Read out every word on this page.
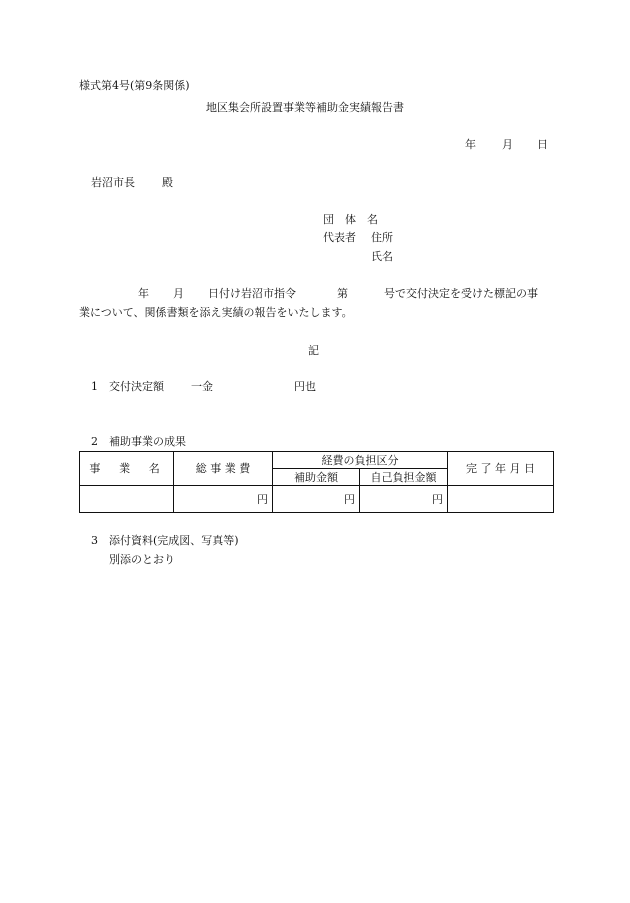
様式第4号(第9条関係)
地区集会所設置事業等補助金実績報告書
年 月 日
岩沼市長 殿
団　体　名
代表者 住所
氏名
年 月 日付け岩沼市指令	第	号で交付決定を受けた標記の事
業について、関係書類を添え実績の報告をいたします。
記
1 交付決定額 一金	円也
2 補助事業の成果
事　業　名	総 事 業 費	経費の負担区分		完 了 年 月 日
		補助金額	自己負担金額	
	円	円	円	
3 添付資料(完成図、写真等)
別添のとおり
